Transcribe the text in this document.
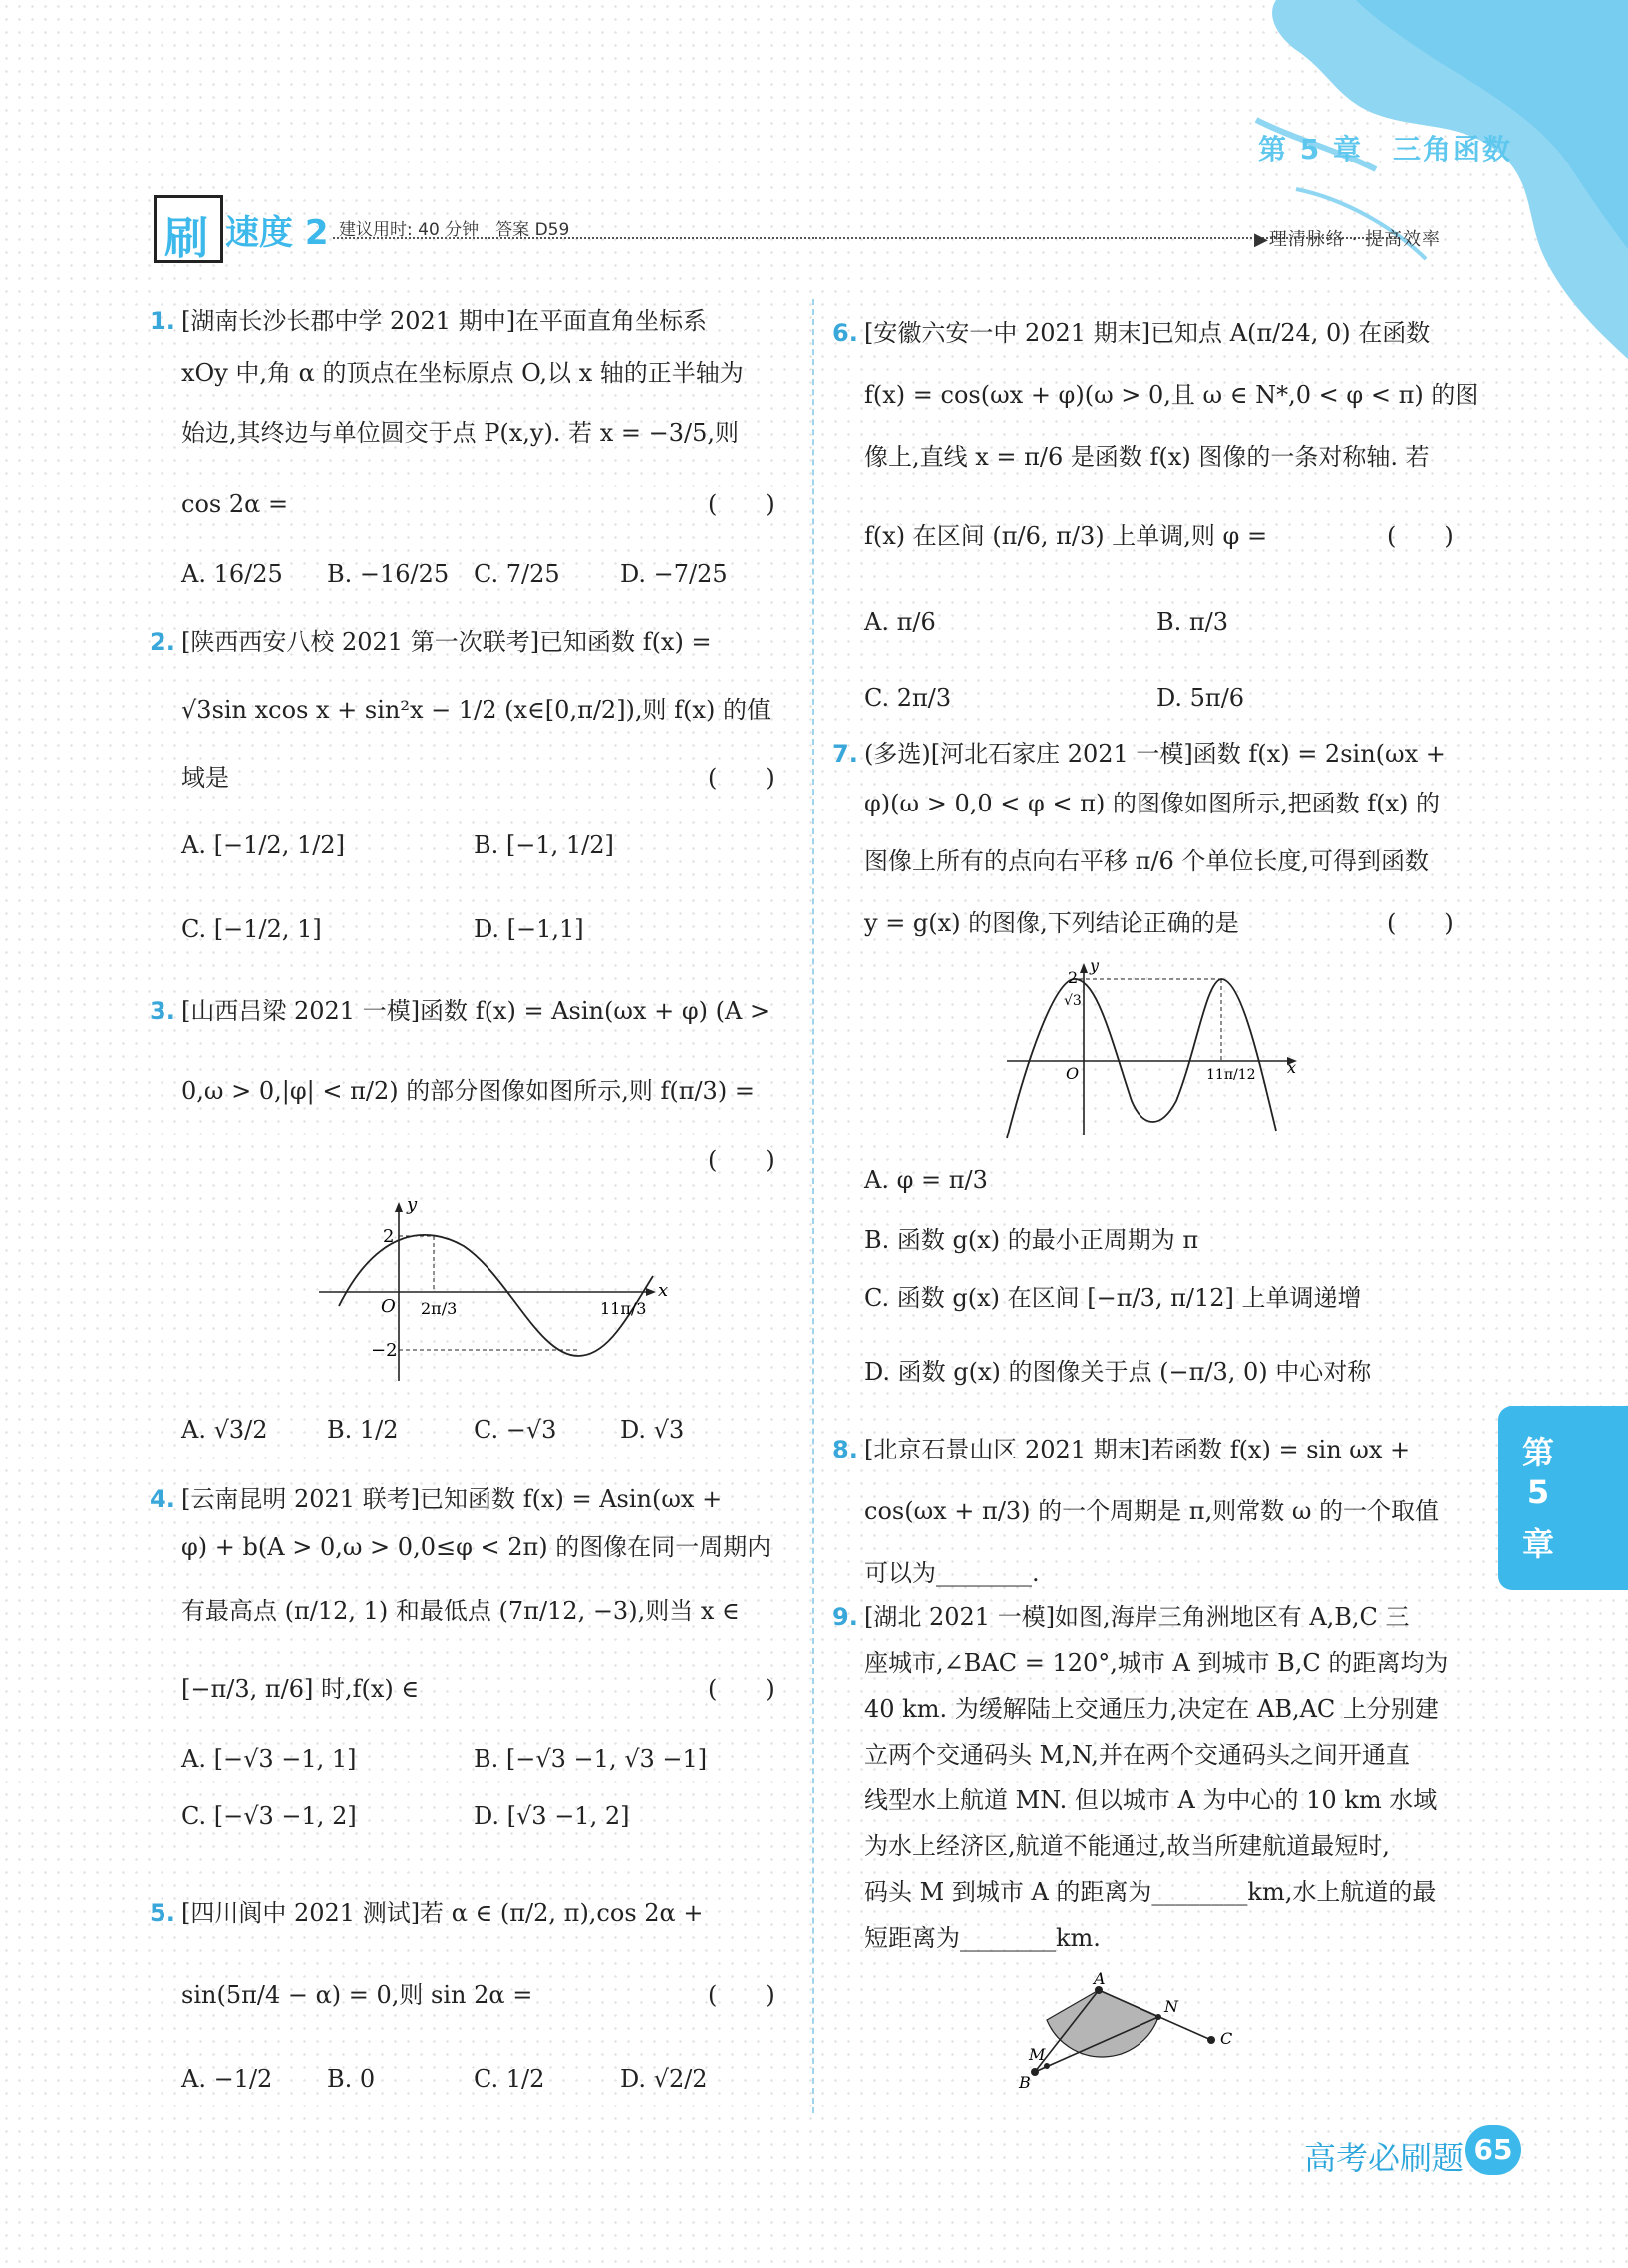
第 5 章　三角函数
刷 速度 2 建议用时: 40 分钟　答案 D59	▶理清脉络 · 提高效率
1. [湖南长沙长郡中学 2021 期中]在平面直角坐标系
xOy 中,角 α 的顶点在坐标原点 O,以 x 轴的正半轴为
始边,其终边与单位圆交于点 P(x,y). 若 x = −3/5,则
cos 2α =	(　　)
A. 16/25 B. −16/25 C. 7/25	D. −7/25
2. [陕西西安八校 2021 第一次联考]已知函数 f(x) =
√3sin xcos x + sin²x − 1/2 (x∈[0,π/2]),则 f(x) 的值
域是	(　　)
A. [−1/2, 1/2]	B. [−1, 1/2]
C. [−1/2, 1]	D. [−1,1]
3. [山西吕梁 2021 一模]函数 f(x) = Asin(ωx + φ) (A >
0,ω > 0,|φ| < π/2) 的部分图像如图所示,则 f(π/3) =
(　　)
2
−2
O 2π/3	11π/3
x
y
A. √3/2 B. 1/2	C. −√3	D. √3
4. [云南昆明 2021 联考]已知函数 f(x) = Asin(ωx +
φ) + b(A > 0,ω > 0,0≤φ < 2π) 的图像在同一周期内
有最高点 (π/12, 1) 和最低点 (7π/12, −3),则当 x ∈
[−π/3, π/6] 时,f(x) ∈	(　　)
A. [−√3 −1, 1]	B. [−√3 −1, √3 −1]
C. [−√3 −1, 2]	D. [√3 −1, 2]
5. [四川阆中 2021 测试]若 α ∈ (π/2, π),cos 2α +
sin(5π/4 − α) = 0,则 sin 2α =	(　　)
A. −1/2 B. 0	C. 1/2	D. √2/2
6. [安徽六安一中 2021 期末]已知点 A(π/24, 0) 在函数
f(x) = cos(ωx + φ)(ω > 0,且 ω ∈ N*,0 < φ < π) 的图
像上,直线 x = π/6 是函数 f(x) 图像的一条对称轴. 若
f(x) 在区间 (π/6, π/3) 上单调,则 φ =	(　　)
A. π/6	B. π/3
C. 2π/3	D. 5π/6
7. (多选)[河北石家庄 2021 一模]函数 f(x) = 2sin(ωx +
φ)(ω > 0,0 < φ < π) 的图像如图所示,把函数 f(x) 的
图像上所有的点向右平移 π/6 个单位长度,可得到函数
y = g(x) 的图像,下列结论正确的是	(　　)
2
√3
O	11π/12 x
y
A. φ = π/3
B. 函数 g(x) 的最小正周期为 π
C. 函数 g(x) 在区间 [−π/3, π/12] 上单调递增
D. 函数 g(x) 的图像关于点 (−π/3, 0) 中心对称
8. [北京石景山区 2021 期末]若函数 f(x) = sin ωx +
cos(ωx + π/3) 的一个周期是 π,则常数 ω 的一个取值
可以为________.
9. [湖北 2021 一模]如图,海岸三角洲地区有 A,B,C 三
座城市,∠BAC = 120°,城市 A 到城市 B,C 的距离均为
40 km. 为缓解陆上交通压力,决定在 AB,AC 上分别建
立两个交通码头 M,N,并在两个交通码头之间开通直
线型水上航道 MN. 但以城市 A 为中心的 10 km 水域
为水上经济区,航道不能通过,故当所建航道最短时,
码头 M 到城市 A 的距离为________km,水上航道的最
短距离为________km.
A
B
C
M
N
第
5
章
高考必刷题 65
